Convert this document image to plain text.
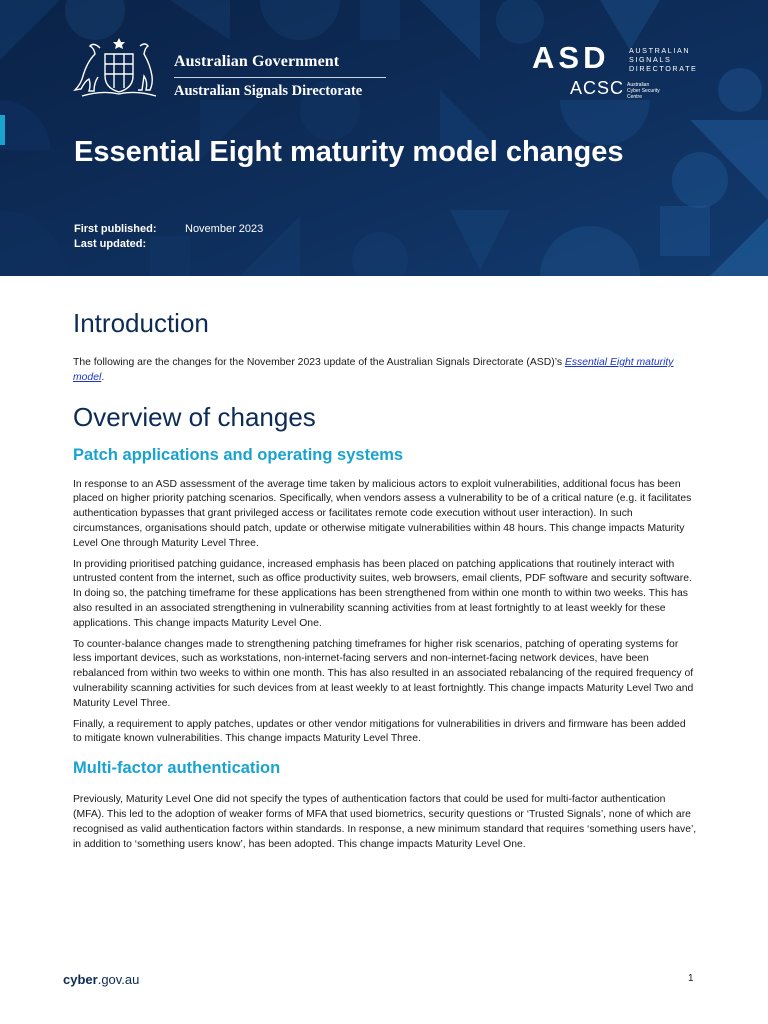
Australian Government
Australian Signals Directorate
ASD	AUSTRALIAN
SIGNALS
DIRECTORATE
ACSC Australian
Cyber Security
Centre
Essential Eight maturity model changes
First published:	November 2023
Last updated:
Introduction

The following are the changes for the November 2023 update of the Australian Signals Directorate (ASD)’s Essential Eight maturity model.

Overview of changes
Patch applications and operating systems

In response to an ASD assessment of the average time taken by malicious actors to exploit vulnerabilities, additional focus has been placed on higher priority patching scenarios. Specifically, when vendors assess a vulnerability to be of a critical nature (e.g. it facilitates authentication bypasses that grant privileged access or facilitates remote code execution without user interaction). In such circumstances, organisations should patch, update or otherwise mitigate vulnerabilities within 48 hours. This change impacts Maturity Level One through Maturity Level Three.

In providing prioritised patching guidance, increased emphasis has been placed on patching applications that routinely interact with untrusted content from the internet, such as office productivity suites, web browsers, email clients, PDF software and security software. In doing so, the patching timeframe for these applications has been strengthened from within one month to within two weeks. This has also resulted in an associated strengthening in vulnerability scanning activities from at least fortnightly to at least weekly for these applications. This change impacts Maturity Level One.

To counter-balance changes made to strengthening patching timeframes for higher risk scenarios, patching of operating systems for less important devices, such as workstations, non-internet-facing servers and non-internet-facing network devices, have been rebalanced from within two weeks to within one month. This has also resulted in an associated rebalancing of the required frequency of vulnerability scanning activities for such devices from at least weekly to at least fortnightly. This change impacts Maturity Level Two and Maturity Level Three.

Finally, a requirement to apply patches, updates or other vendor mitigations for vulnerabilities in drivers and firmware has been added to mitigate known vulnerabilities. This change impacts Maturity Level Three.

Multi-factor authentication

Previously, Maturity Level One did not specify the types of authentication factors that could be used for multi-factor authentication (MFA). This led to the adoption of weaker forms of MFA that used biometrics, security questions or ‘Trusted Signals’, none of which are recognised as valid authentication factors within standards. In response, a new minimum standard that requires ‘something users have’, in addition to ‘something users know’, has been adopted. This change impacts Maturity Level One.

cyber.gov.au	1
